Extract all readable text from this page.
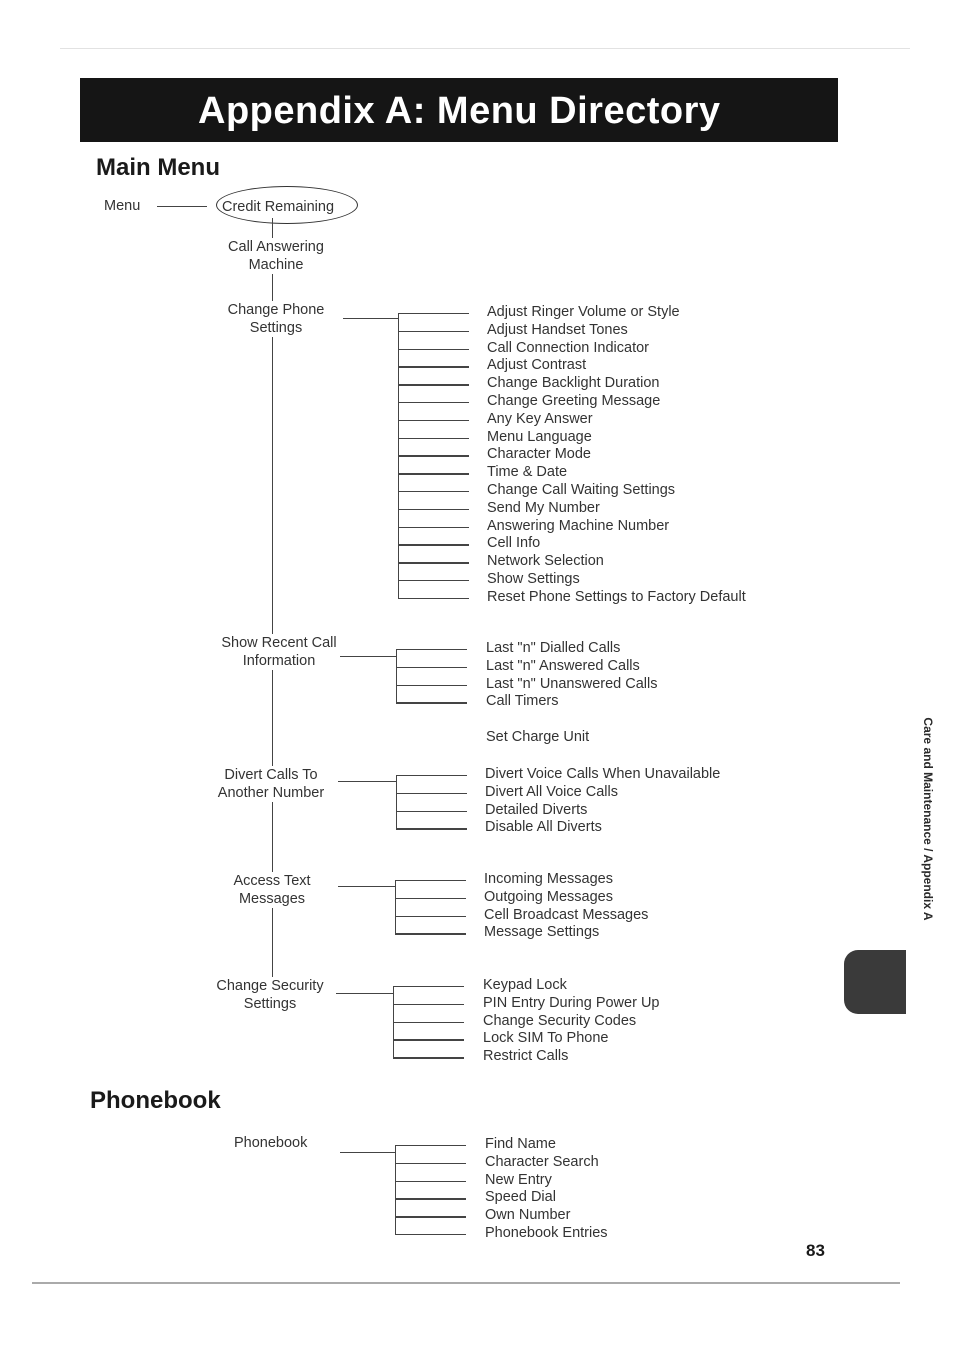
Appendix A: Menu Directory
Main Menu
Menu	Credit Remaining
Call Answering
Machine
Change Phone
Settings
Adjust Ringer Volume or Style
Adjust Handset Tones
Call Connection Indicator
Adjust Contrast
Change Backlight Duration
Change Greeting Message
Any Key Answer
Menu Language
Character Mode
Time & Date
Change Call Waiting Settings
Send My Number
Answering Machine Number
Cell Info
Network Selection
Show Settings
Reset Phone Settings to Factory Default
Show Recent Call
Information
Last "n" Dialled Calls
Last "n" Answered Calls
Last "n" Unanswered Calls
Call Timers
Set Charge Unit
Divert Calls To
Another Number
Divert Voice Calls When Unavailable
Divert All Voice Calls
Detailed Diverts
Disable All Diverts
Access Text
Messages
Incoming Messages
Outgoing Messages
Cell Broadcast Messages
Message Settings
Change Security
Settings
Keypad Lock
PIN Entry During Power Up
Change Security Codes
Lock SIM To Phone
Restrict Calls
Phonebook
Phonebook	Find Name
Character Search
New Entry
Speed Dial
Own Number
Phonebook Entries
Care and Maintenance / Appendix A
83
